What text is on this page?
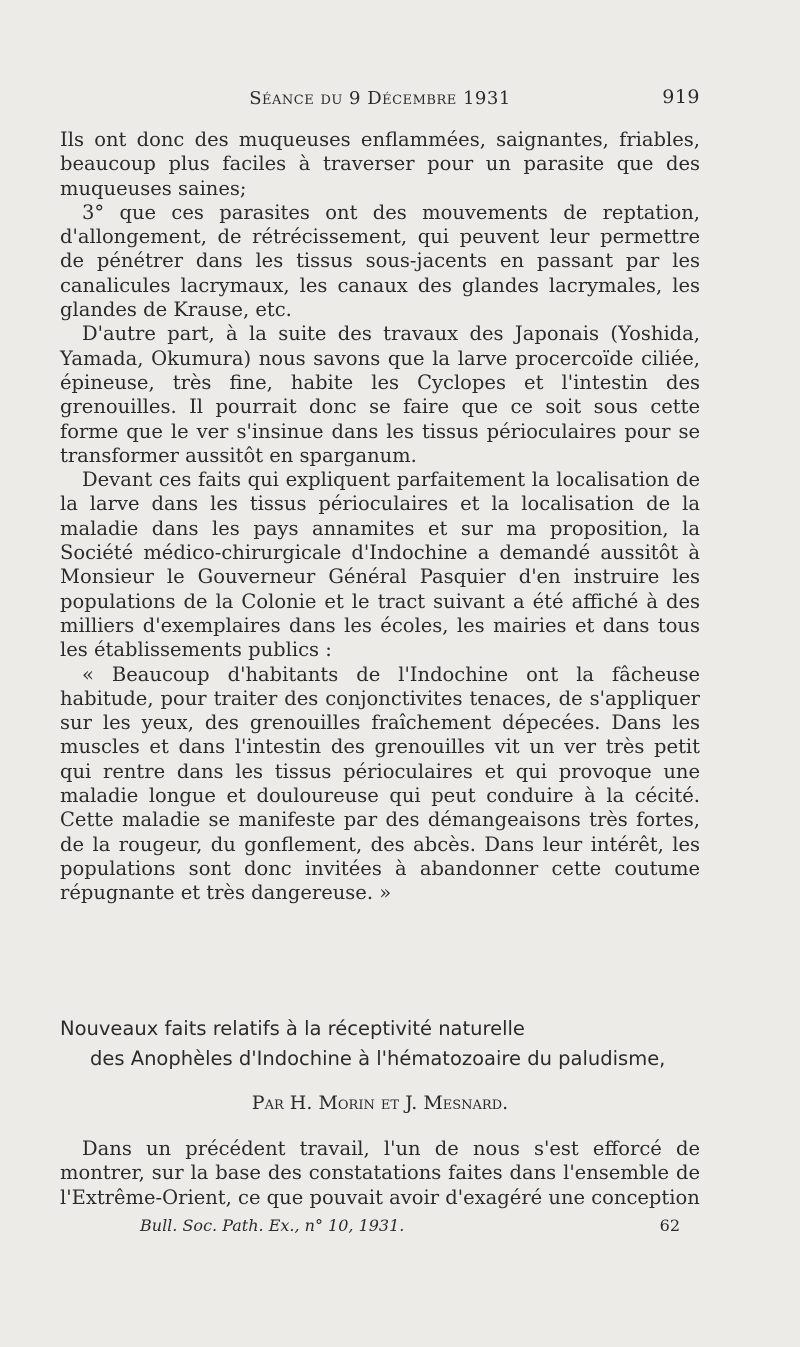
Séance du 9 Décembre 1931	919

Ils ont donc des muqueuses enflammées, saignantes, friables, beaucoup plus faciles à traverser pour un parasite que des muqueuses saines;

3° que ces parasites ont des mouvements de reptation, d'allongement, de rétrécissement, qui peuvent leur permettre de pénétrer dans les tissus sous-jacents en passant par les canalicules lacrymaux, les canaux des glandes lacrymales, les glandes de Krause, etc.

D'autre part, à la suite des travaux des Japonais (Yoshida, Yamada, Okumura) nous savons que la larve procercoïde ciliée, épineuse, très fine, habite les Cyclopes et l'intestin des grenouilles. Il pourrait donc se faire que ce soit sous cette forme que le ver s'insinue dans les tissus périoculaires pour se transformer aussitôt en sparganum.

Devant ces faits qui expliquent parfaitement la localisation de la larve dans les tissus périoculaires et la localisation de la maladie dans les pays annamites et sur ma proposition, la Société médico-chirurgicale d'Indochine a demandé aussitôt à Monsieur le Gouverneur Général Pasquier d'en instruire les populations de la Colonie et le tract suivant a été affiché à des milliers d'exemplaires dans les écoles, les mairies et dans tous les établissements publics :

« Beaucoup d'habitants de l'Indochine ont la fâcheuse habitude, pour traiter des conjonctivites tenaces, de s'appliquer sur les yeux, des grenouilles fraîchement dépecées. Dans les muscles et dans l'intestin des grenouilles vit un ver très petit qui rentre dans les tissus périoculaires et qui provoque une maladie longue et douloureuse qui peut conduire à la cécité. Cette maladie se manifeste par des démangeaisons très fortes, de la rougeur, du gonflement, des abcès. Dans leur intérêt, les populations sont donc invitées à abandonner cette coutume répugnante et très dangereuse. »

Nouveaux faits relatifs à la réceptivité naturelle
des Anophèles d'Indochine à l'hématozoaire du paludisme,
Par H. Morin et J. Mesnard.

Dans un précédent travail, l'un de nous s'est efforcé de montrer, sur la base des constatations faites dans l'ensemble de l'Extrême-Orient, ce que pouvait avoir d'exagéré une conception

Bull. Soc. Path. Ex., n° 10, 1931.	62
